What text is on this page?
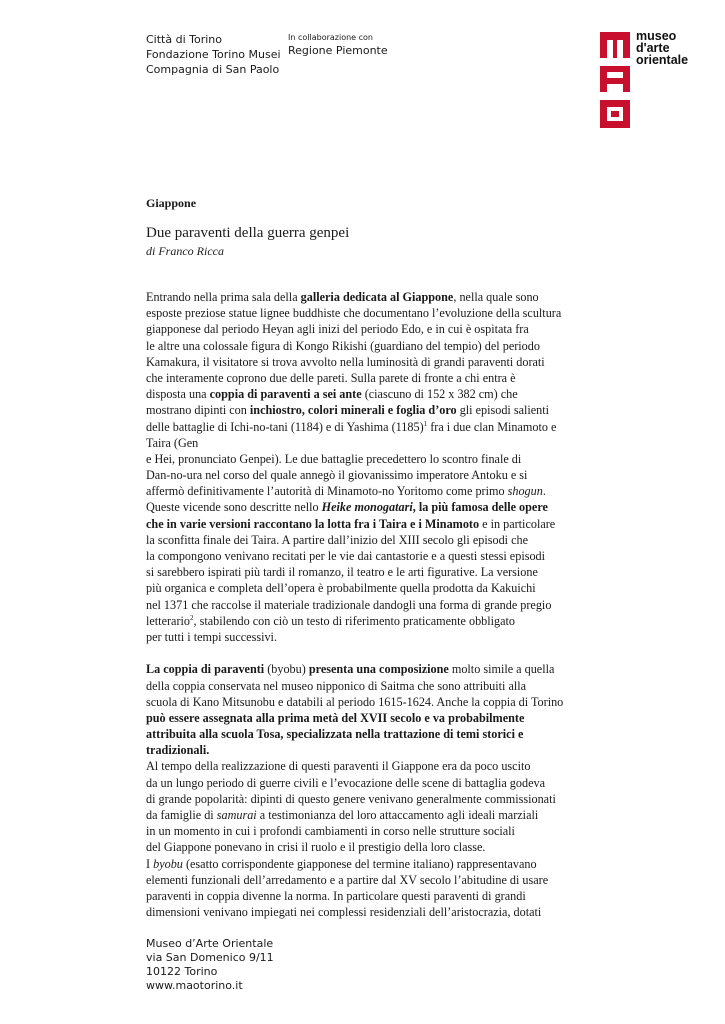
Città di Torino
Fondazione Torino Musei
Compagnia di San Paolo
In collaborazione con
Regione Piemonte
museo
d'arte
orientale
Giappone
Due paraventi della guerra genpei
di Franco Ricca
Entrando nella prima sala della galleria dedicata al Giappone, nella quale sono
esposte preziose statue lignee buddhiste che documentano l’evoluzione della scultura
giapponese dal periodo Heyan agli inizi del periodo Edo, e in cui è ospitata fra
le altre una colossale figura di Kongo Rikishi (guardiano del tempio) del periodo
Kamakura, il visitatore si trova avvolto nella luminosità di grandi paraventi dorati
che interamente coprono due delle pareti. Sulla parete di fronte a chi entra è
disposta una coppia di paraventi a sei ante (ciascuno di 152 x 382 cm) che
mostrano dipinti con inchiostro, colori minerali e foglia d’oro gli episodi salienti
delle battaglie di Ichi-no-tani (1184) e di Yashima $(1185)^1$ fra i due clan Minamoto e
Taira (Gen
e Hei, pronunciato Genpei). Le due battaglie precedettero lo scontro finale di
Dan-no-ura nel corso del quale annegò il giovanissimo imperatore Antoku e si
affermò definitivamente l’autorità di Minamoto-no Yoritomo come primo shogun.
Queste vicende sono descritte nello Heike monogatari, la più famosa delle opere
che in varie versioni raccontano la lotta fra i Taira e i Minamoto e in particolare
la sconfitta finale dei Taira. A partire dall’inizio del XIII secolo gli episodi che
la compongono venivano recitati per le vie dai cantastorie e a questi stessi episodi
si sarebbero ispirati più tardi il romanzo, il teatro e le arti figurative. La versione
più organica e completa dell’opera è probabilmente quella prodotta da Kakuichi
nel 1371 che raccolse il materiale tradizionale dandogli una forma di grande pregio
letterario$^2$, stabilendo con ciò un testo di riferimento praticamente obbligato
per tutti i tempi successivi.
La coppia di paraventi (byobu) presenta una composizione molto simile a quella
della coppia conservata nel museo nipponico di Saitma che sono attribuiti alla
scuola di Kano Mitsunobu e databili al periodo 1615-1624. Anche la coppia di Torino
può essere assegnata alla prima metà del XVII secolo e va probabilmente
attribuita alla scuola Tosa, specializzata nella trattazione di temi storici e
tradizionali.
Al tempo della realizzazione di questi paraventi il Giappone era da poco uscito
da un lungo periodo di guerre civili e l’evocazione delle scene di battaglia godeva
di grande popolarità: dipinti di questo genere venivano generalmente commissionati
da famiglie di samurai a testimonianza del loro attaccamento agli ideali marziali
in un momento in cui i profondi cambiamenti in corso nelle strutture sociali
del Giappone ponevano in crisi il ruolo e il prestigio della loro classe.
I byobu (esatto corrispondente giapponese del termine italiano) rappresentavano
elementi funzionali dell’arredamento e a partire dal XV secolo l’abitudine di usare
paraventi in coppia divenne la norma. In particolare questi paraventi di grandi
dimensioni venivano impiegati nei complessi residenziali dell’aristocrazia, dotati
Museo d’Arte Orientale
via San Domenico 9/11
10122 Torino
www.maotorino.it
